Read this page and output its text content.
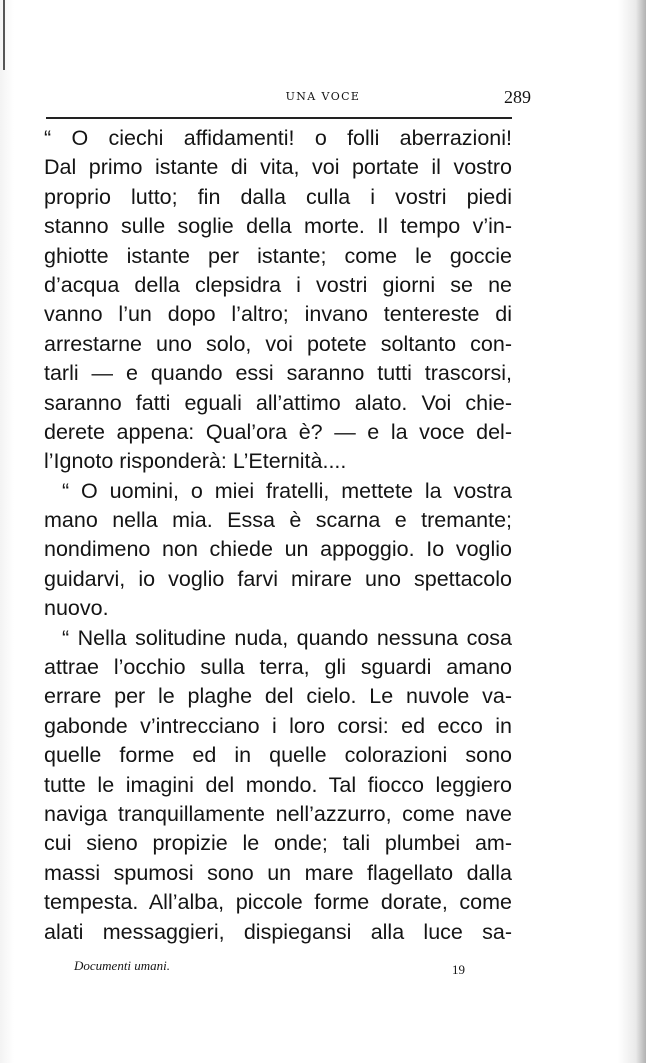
UNA VOCE	289
“ O ciechi affidamenti! o folli aberrazioni!
Dal primo istante di vita, voi portate il vostro
proprio lutto; fin dalla culla i vostri piedi
stanno sulle soglie della morte. Il tempo v’in-
ghiotte istante per istante; come le goccie
d’acqua della clepsidra i vostri giorni se ne
vanno l’un dopo l’altro; invano tentereste di
arrestarne uno solo, voi potete soltanto con-
tarli — e quando essi saranno tutti trascorsi,
saranno fatti eguali all’attimo alato. Voi chie-
derete appena: Qual’ora è? — e la voce del-
l’Ignoto risponderà: L’Eternità....
“ O uomini, o miei fratelli, mettete la vostra
mano nella mia. Essa è scarna e tremante;
nondimeno non chiede un appoggio. Io voglio
guidarvi, io voglio farvi mirare uno spettacolo
nuovo.
“ Nella solitudine nuda, quando nessuna cosa
attrae l’occhio sulla terra, gli sguardi amano
errare per le plaghe del cielo. Le nuvole va-
gabonde v’intrecciano i loro corsi: ed ecco in
quelle forme ed in quelle colorazioni sono
tutte le imagini del mondo. Tal fiocco leggiero
naviga tranquillamente nell’azzurro, come nave
cui sieno propizie le onde; tali plumbei am-
massi spumosi sono un mare flagellato dalla
tempesta. All’alba, piccole forme dorate, come
alati messaggieri, dispiegansi alla luce sa-
Documenti umani.	19
